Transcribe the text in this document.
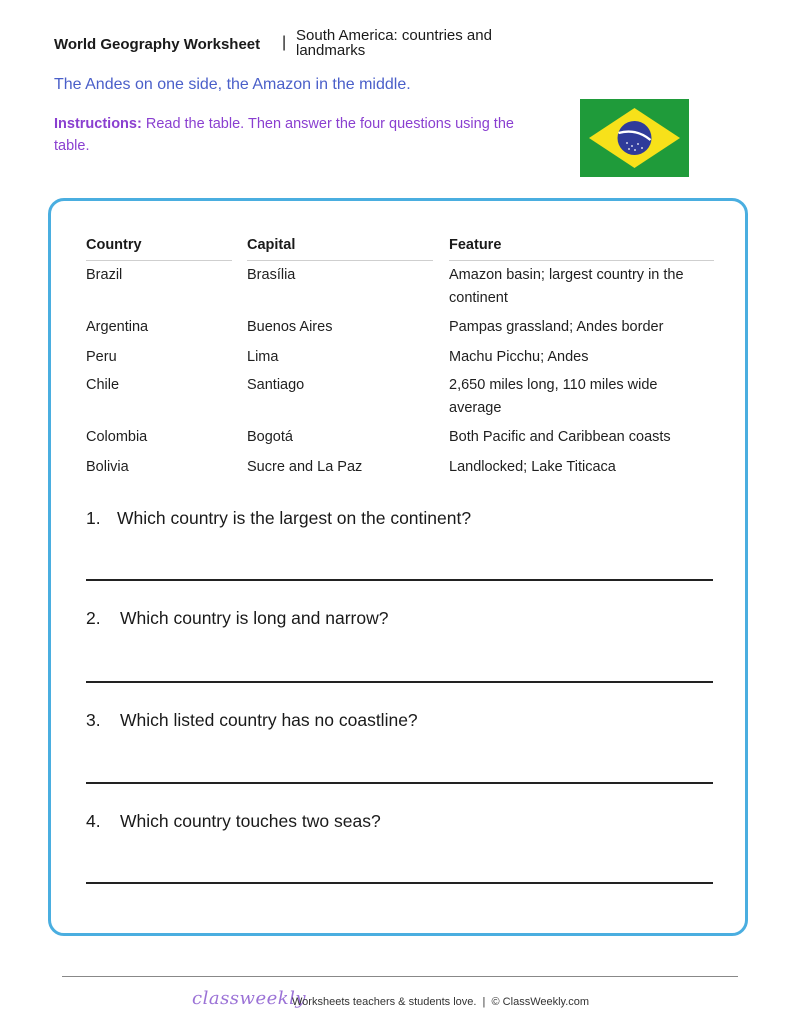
World Geography Worksheet | South America: countries and landmarks
The Andes on one side, the Amazon in the middle.
Instructions: Read the table. Then answer the four questions using the table.
Country	Capital	Feature
Brazil	Brasília	Amazon basin; largest country in the continent
Argentina	Buenos Aires	Pampas grassland; Andes border
Peru	Lima	Machu Picchu; Andes
Chile	Santiago	2,650 miles long, 110 miles wide average
Colombia	Bogotá	Both Pacific and Caribbean coasts
Bolivia	Sucre and La Paz	Landlocked; Lake Titicaca
1. Which country is the largest on the continent?
2. Which country is long and narrow?
3. Which listed country has no coastline?
4. Which country touches two seas?
classweekly
Worksheets teachers & students love.  |  © ClassWeekly.com
